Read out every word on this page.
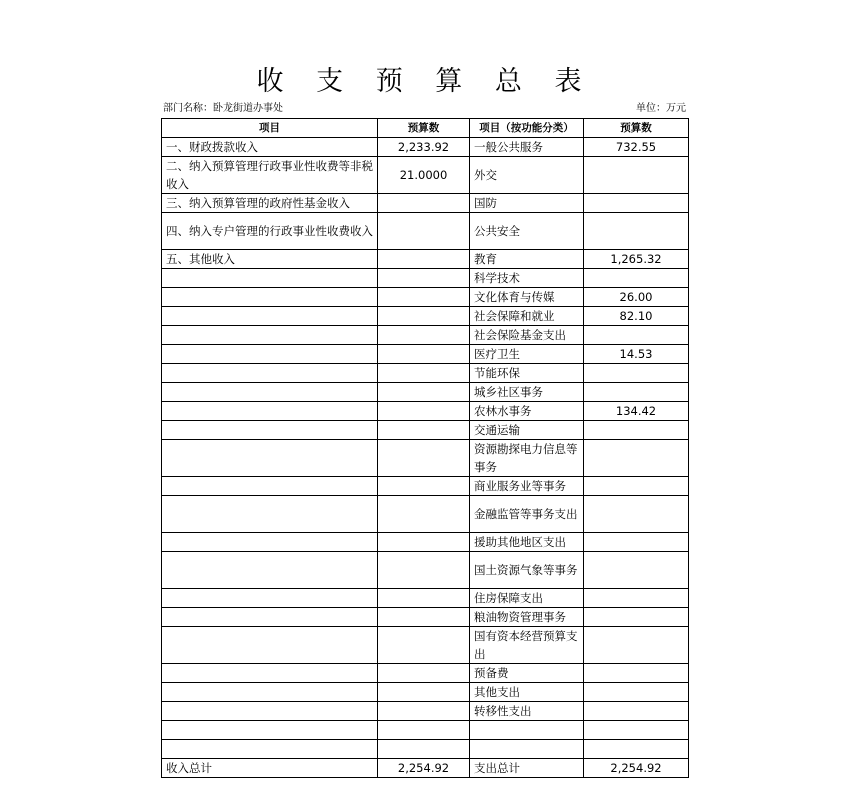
收 支 预 算 总 表
部门名称：卧龙街道办事处	单位：万元
项目	预算数	项目（按功能分类）	预算数
一、财政拨款收入	2,233.92	一般公共服务	732.55
二、纳入预算管理行政事业性收费等非税收入	21.0000	外交	
三、纳入预算管理的政府性基金收入		国防	
四、纳入专户管理的行政事业性收费收入		公共安全	
五、其他收入		教育	1,265.32
		科学技术	
		文化体育与传媒	26.00
		社会保障和就业	82.10
		社会保险基金支出	
		医疗卫生	14.53
		节能环保	
		城乡社区事务	
		农林水事务	134.42
		交通运输	
		资源勘探电力信息等事务	
		商业服务业等事务	
		金融监管等事务支出	
		援助其他地区支出	
		国土资源气象等事务	
		住房保障支出	
		粮油物资管理事务	
		国有资本经营预算支出	
		预备费	
		其他支出	
		转移性支出	

收入总计	2,254.92	支出总计	2,254.92
